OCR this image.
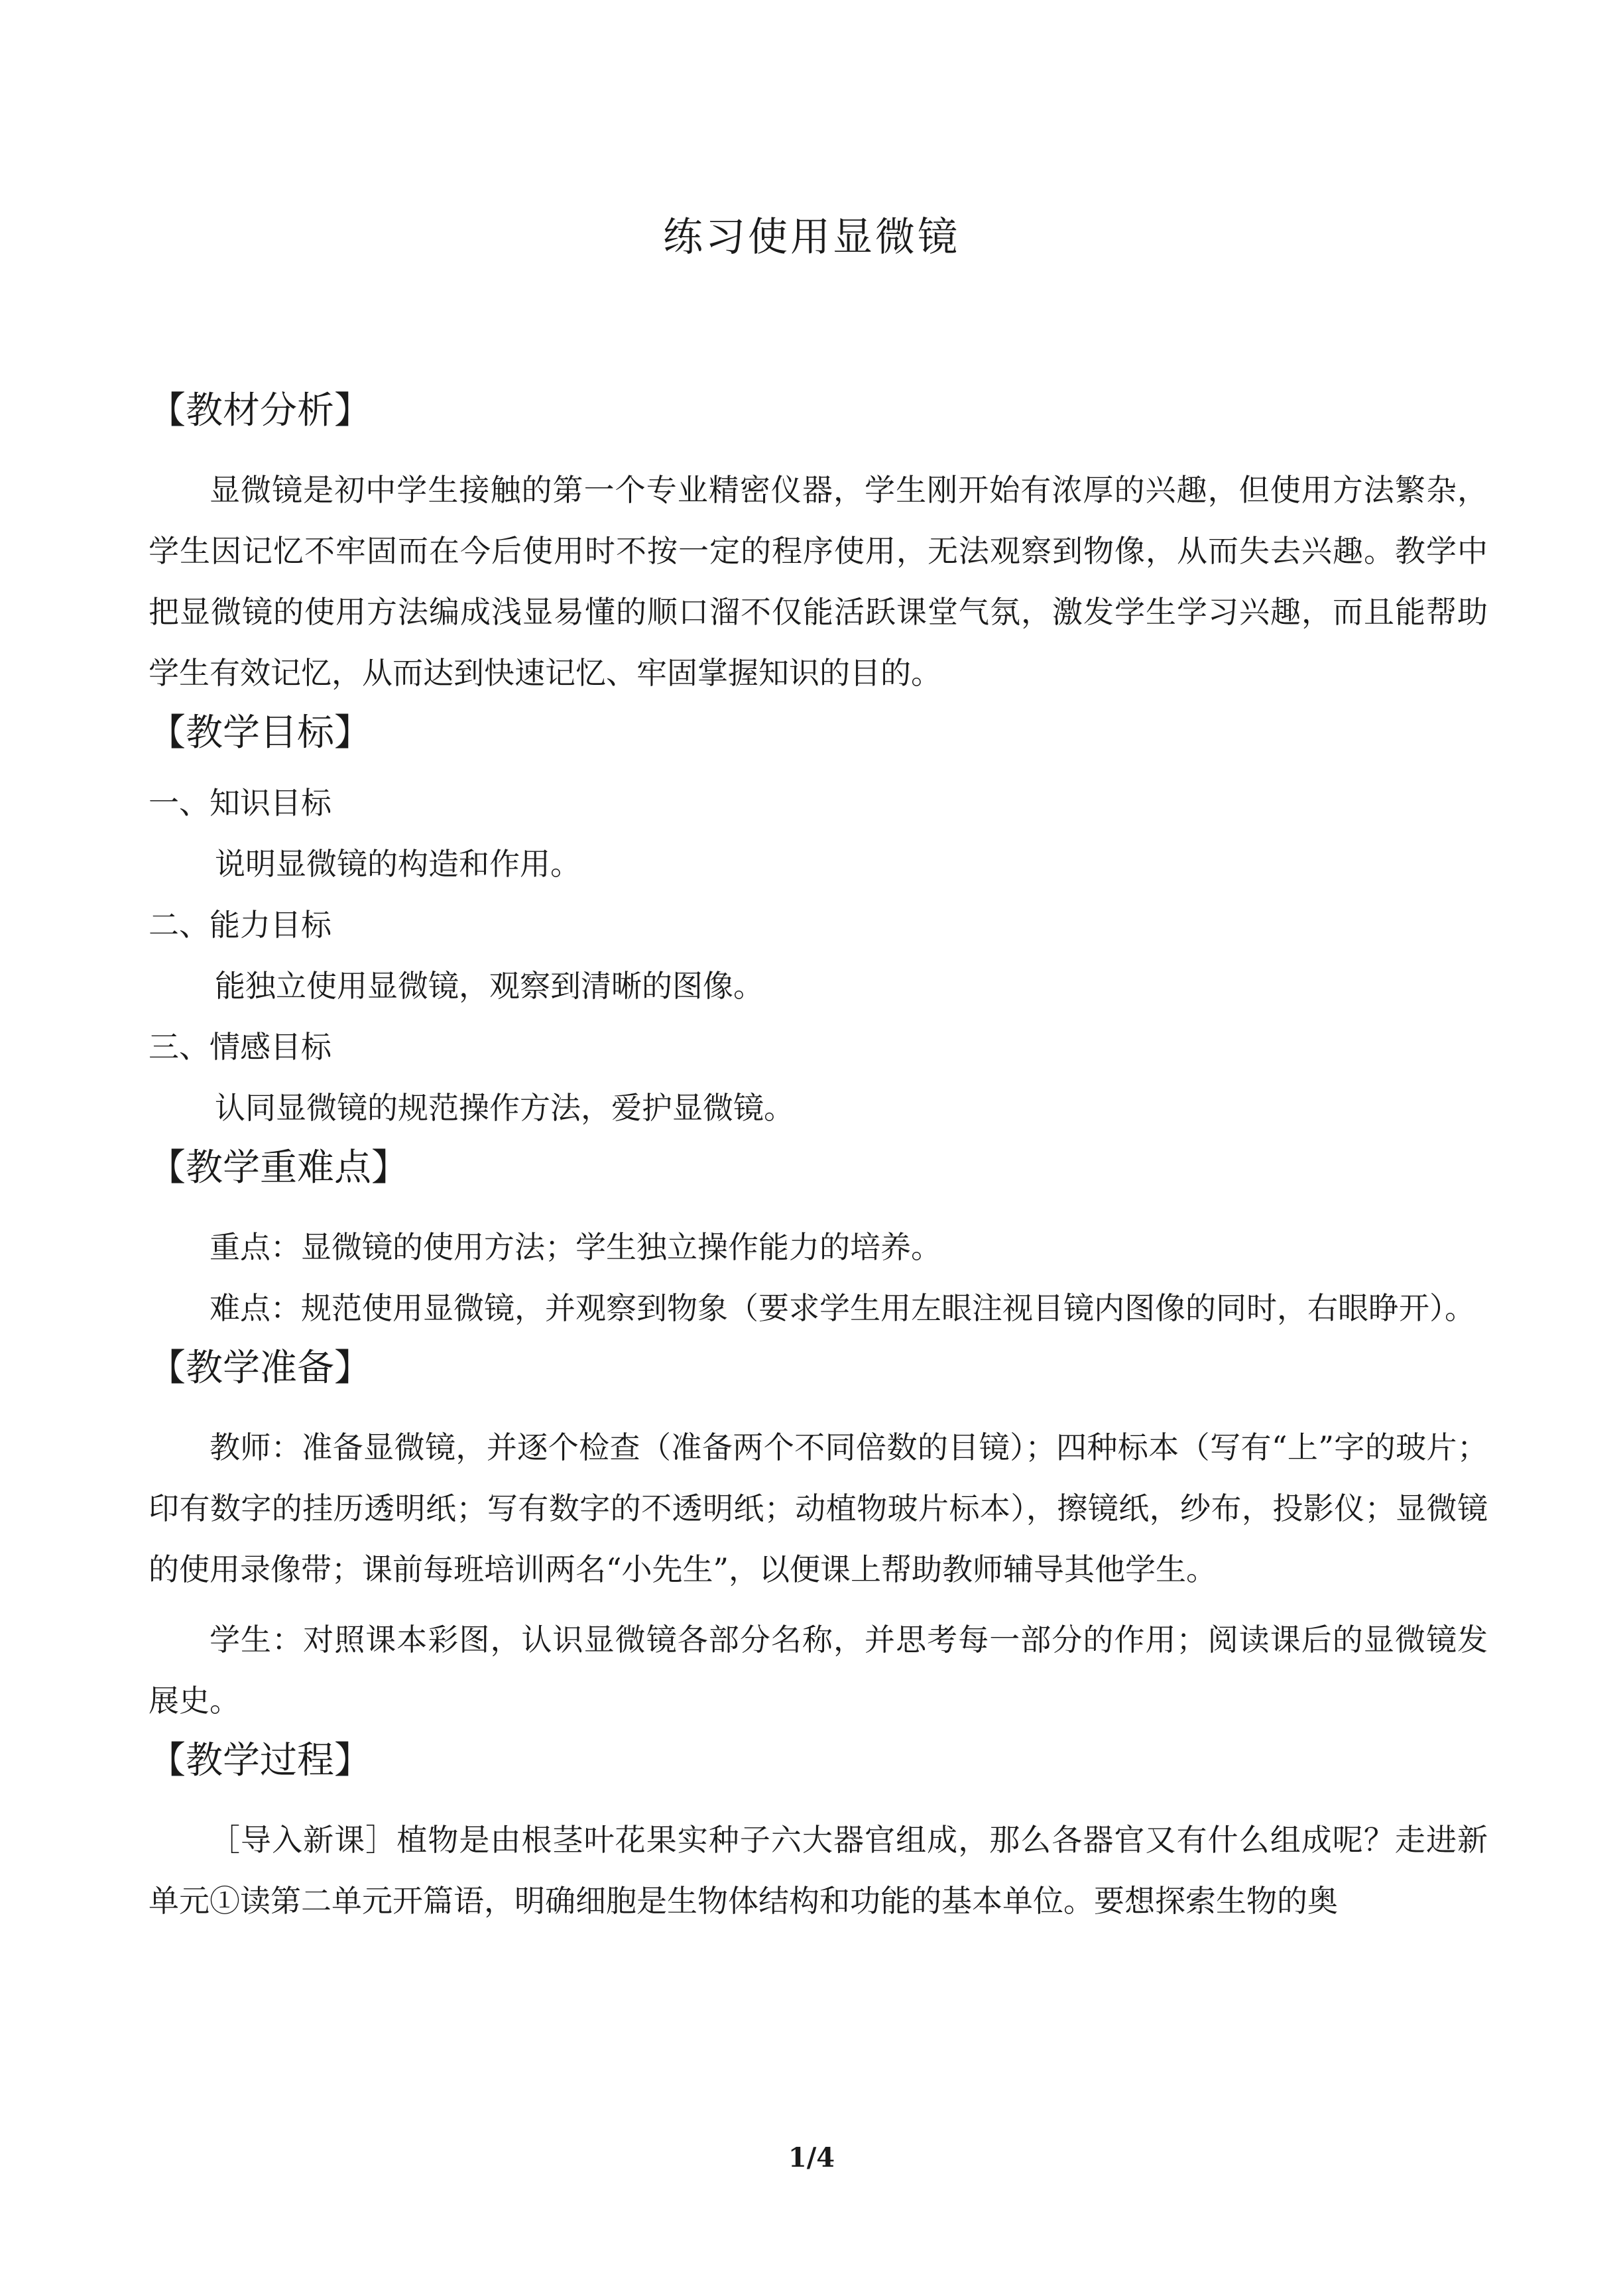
练习使用显微镜
【教材分析】

显微镜是初中学生接触的第一个专业精密仪器，学生刚开始有浓厚的兴趣，但使用方法繁杂，学生因记忆不牢固而在今后使用时不按一定的程序使用，无法观察到物像，从而失去兴趣。教学中把显微镜的使用方法编成浅显易懂的顺口溜不仅能活跃课堂气氛，激发学生学习兴趣，而且能帮助学生有效记忆，从而达到快速记忆、牢固掌握知识的目的。

【教学目标】

一、知识目标

说明显微镜的构造和作用。

二、能力目标

能独立使用显微镜，观察到清晰的图像。

三、情感目标

认同显微镜的规范操作方法，爱护显微镜。

【教学重难点】

重点：显微镜的使用方法；学生独立操作能力的培养。

难点：规范使用显微镜，并观察到物象（要求学生用左眼注视目镜内图像的同时，右眼睁开）。

【教学准备】

教师：准备显微镜，并逐个检查（准备两个不同倍数的目镜）；四种标本（写有“上”字的玻片；印有数字的挂历透明纸；写有数字的不透明纸；动植物玻片标本），擦镜纸，纱布，投影仪；显微镜的使用录像带；课前每班培训两名“小先生”，以便课上帮助教师辅导其他学生。

学生：对照课本彩图，认识显微镜各部分名称，并思考每一部分的作用；阅读课后的显微镜发展史。

【教学过程】

［导入新课］植物是由根茎叶花果实种子六大器官组成，那么各器官又有什么组成呢？走进新单元①读第二单元开篇语，明确细胞是生物体结构和功能的基本单位。要想探索生物的奥

1/4
